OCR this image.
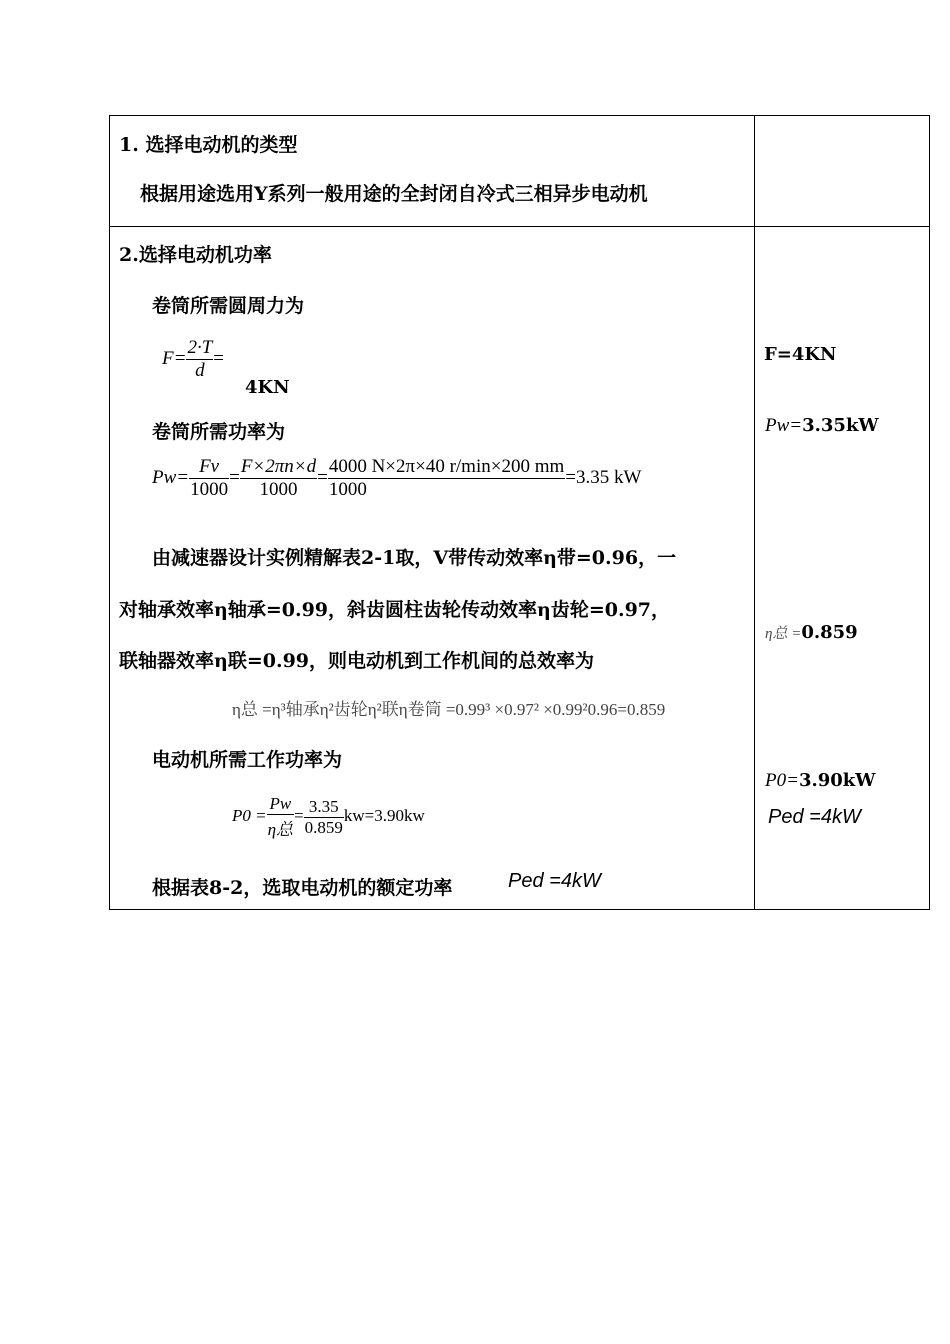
1. 选择电动机的类型
根据用途选用Y系列一般用途的全封闭自冷式三相异步电动机
2.选择电动机功率
卷筒所需圆周力为
$F= \frac{2\cdot T}{d}$ =
4KN
卷筒所需功率为
$Pw= \frac{Fv}{1000} = \frac{F\times 2\pi n\times d}{1000} = \frac{4000 N\times 2\pi\times 40 r/\min\times 200 mm}{1000} =3.35$ kW
由减速器设计实例精解表2-1取，V带传动效率η带=0.96，一
对轴承效率η轴承=0.99，斜齿圆柱齿轮传动效率η齿轮=0.97，
联轴器效率η联=0.99，则电动机到工作机间的总效率为
η总 =η³轴承η²齿轮η²联η卷筒 =0.99³ ×0.97² ×0.99²0.96=0.859
电动机所需工作功率为
$P0 = \frac{Pw}{\text{η总}} = \frac{3.35}{0.859} kw=3.90kw$
根据表8-2，选取电动机的额定功率	Ped =4kW
F=4KN
Pw=3.35kW
η总 =0.859
P0=3.90kW
Ped =4kW
